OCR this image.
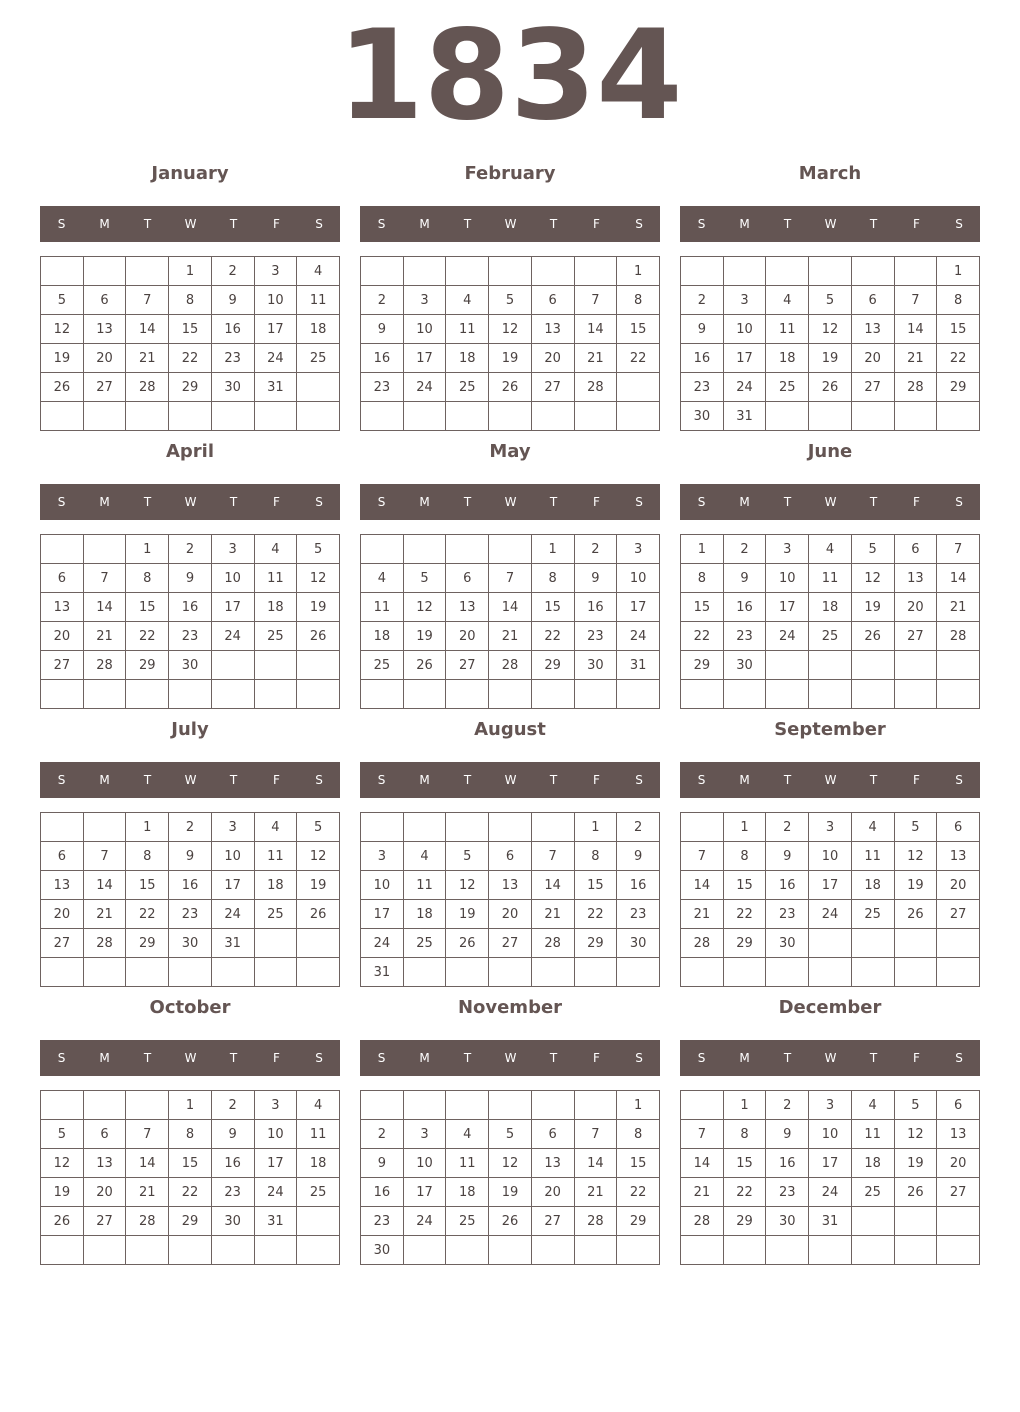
1834
January
S	M	T	W	T	F	S
			1	2	3	4
5	6	7	8	9	10	11
12	13	14	15	16	17	18
19	20	21	22	23	24	25
26	27	28	29	30	31	

February
S	M	T	W	T	F	S
						1
2	3	4	5	6	7	8
9	10	11	12	13	14	15
16	17	18	19	20	21	22
23	24	25	26	27	28	

March
S	M	T	W	T	F	S
						1
2	3	4	5	6	7	8
9	10	11	12	13	14	15
16	17	18	19	20	21	22
23	24	25	26	27	28	29
30	31					
April
S	M	T	W	T	F	S
		1	2	3	4	5
6	7	8	9	10	11	12
13	14	15	16	17	18	19
20	21	22	23	24	25	26
27	28	29	30			

May
S	M	T	W	T	F	S
				1	2	3
4	5	6	7	8	9	10
11	12	13	14	15	16	17
18	19	20	21	22	23	24
25	26	27	28	29	30	31

June
S	M	T	W	T	F	S
1	2	3	4	5	6	7
8	9	10	11	12	13	14
15	16	17	18	19	20	21
22	23	24	25	26	27	28
29	30					

July
S	M	T	W	T	F	S
		1	2	3	4	5
6	7	8	9	10	11	12
13	14	15	16	17	18	19
20	21	22	23	24	25	26
27	28	29	30	31		

August
S	M	T	W	T	F	S
					1	2
3	4	5	6	7	8	9
10	11	12	13	14	15	16
17	18	19	20	21	22	23
24	25	26	27	28	29	30
31						
September
S	M	T	W	T	F	S
	1	2	3	4	5	6
7	8	9	10	11	12	13
14	15	16	17	18	19	20
21	22	23	24	25	26	27
28	29	30				

October
S	M	T	W	T	F	S
			1	2	3	4
5	6	7	8	9	10	11
12	13	14	15	16	17	18
19	20	21	22	23	24	25
26	27	28	29	30	31	

November
S	M	T	W	T	F	S
						1
2	3	4	5	6	7	8
9	10	11	12	13	14	15
16	17	18	19	20	21	22
23	24	25	26	27	28	29
30						
December
S	M	T	W	T	F	S
	1	2	3	4	5	6
7	8	9	10	11	12	13
14	15	16	17	18	19	20
21	22	23	24	25	26	27
28	29	30	31			
